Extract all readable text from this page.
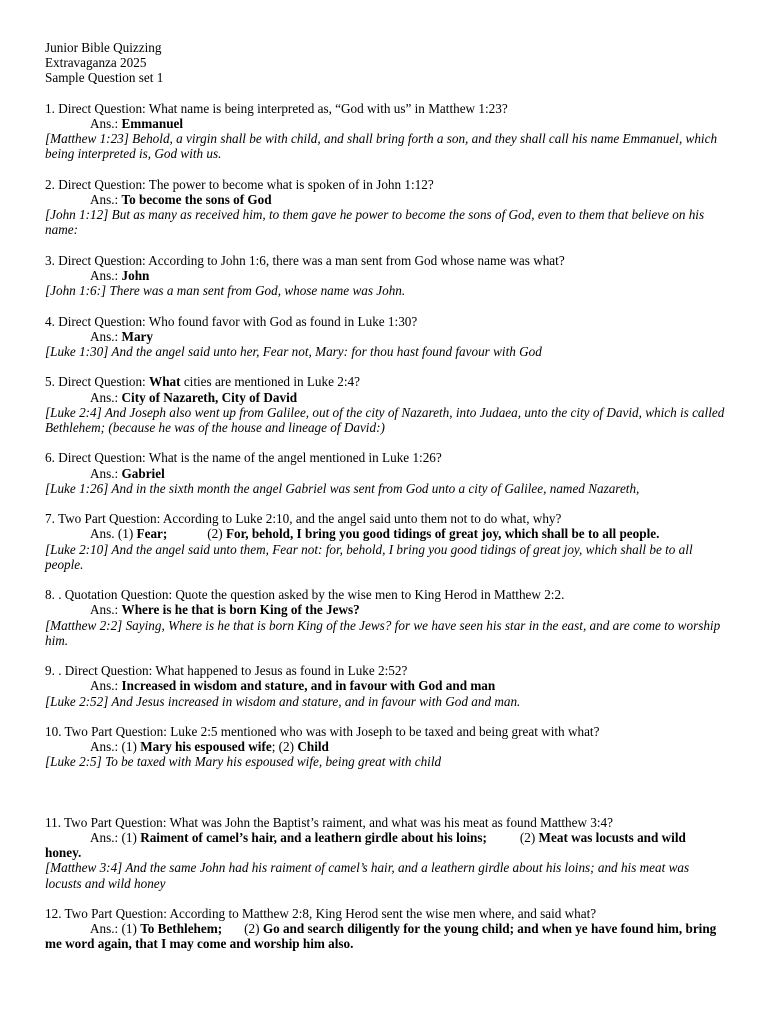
Junior Bible Quizzing
Extravaganza 2025
Sample Question set 1
1. Direct Question: What name is being interpreted as, “God with us” in Matthew 1:23?
Ans.: Emmanuel
[Matthew 1:23] Behold, a virgin shall be with child, and shall bring forth a son, and they shall call his name Emmanuel, which being interpreted is, God with us.
2. Direct Question: The power to become what is spoken of in John 1:12?
Ans.: To become the sons of God
[John 1:12] But as many as received him, to them gave he power to become the sons of God, even to them that believe on his name:
3. Direct Question: According to John 1:6, there was a man sent from God whose name was what?
Ans.: John
[John 1:6:] There was a man sent from God, whose name was John.
4. Direct Question: Who found favor with God as found in Luke 1:30?
Ans.: Mary
[Luke 1:30] And the angel said unto her, Fear not, Mary: for thou hast found favour with God
5. Direct Question: What cities are mentioned in Luke 2:4?
Ans.: City of Nazareth, City of David
[Luke 2:4] And Joseph also went up from Galilee, out of the city of Nazareth, into Judaea, unto the city of David, which is called Bethlehem; (because he was of the house and lineage of David:)
6. Direct Question: What is the name of the angel mentioned in Luke 1:26?
Ans.: Gabriel
[Luke 1:26] And in the sixth month the angel Gabriel was sent from God unto a city of Galilee, named Nazareth,
7. Two Part Question: According to Luke 2:10, and the angel said unto them not to do what, why?
Ans. (1) Fear;	(2) For, behold, I bring you good tidings of great joy, which shall be to all people.
[Luke 2:10] And the angel said unto them, Fear not: for, behold, I bring you good tidings of great joy, which shall be to all people.
8. . Quotation Question: Quote the question asked by the wise men to King Herod in Matthew 2:2.
Ans.: Where is he that is born King of the Jews?
[Matthew 2:2] Saying, Where is he that is born King of the Jews? for we have seen his star in the east, and are come to worship him.
9. . Direct Question: What happened to Jesus as found in Luke 2:52?
Ans.: Increased in wisdom and stature, and in favour with God and man
[Luke 2:52] And Jesus increased in wisdom and stature, and in favour with God and man.
10. Two Part Question: Luke 2:5 mentioned who was with Joseph to be taxed and being great with what?
Ans.: (1) Mary his espoused wife; (2) Child
[Luke 2:5] To be taxed with Mary his espoused wife, being great with child
11. Two Part Question: What was John the Baptist’s raiment, and what was his meat as found Matthew 3:4?
Ans.: (1) Raiment of camel’s hair, and a leathern girdle about his loins;	(2) Meat was locusts and wild honey.
[Matthew 3:4] And the same John had his raiment of camel’s hair, and a leathern girdle about his loins; and his meat was locusts and wild honey
12. Two Part Question: According to Matthew 2:8, King Herod sent the wise men where, and said what?
Ans.: (1) To Bethlehem; (2) Go and search diligently for the young child; and when ye have found him, bring me word again, that I may come and worship him also.
